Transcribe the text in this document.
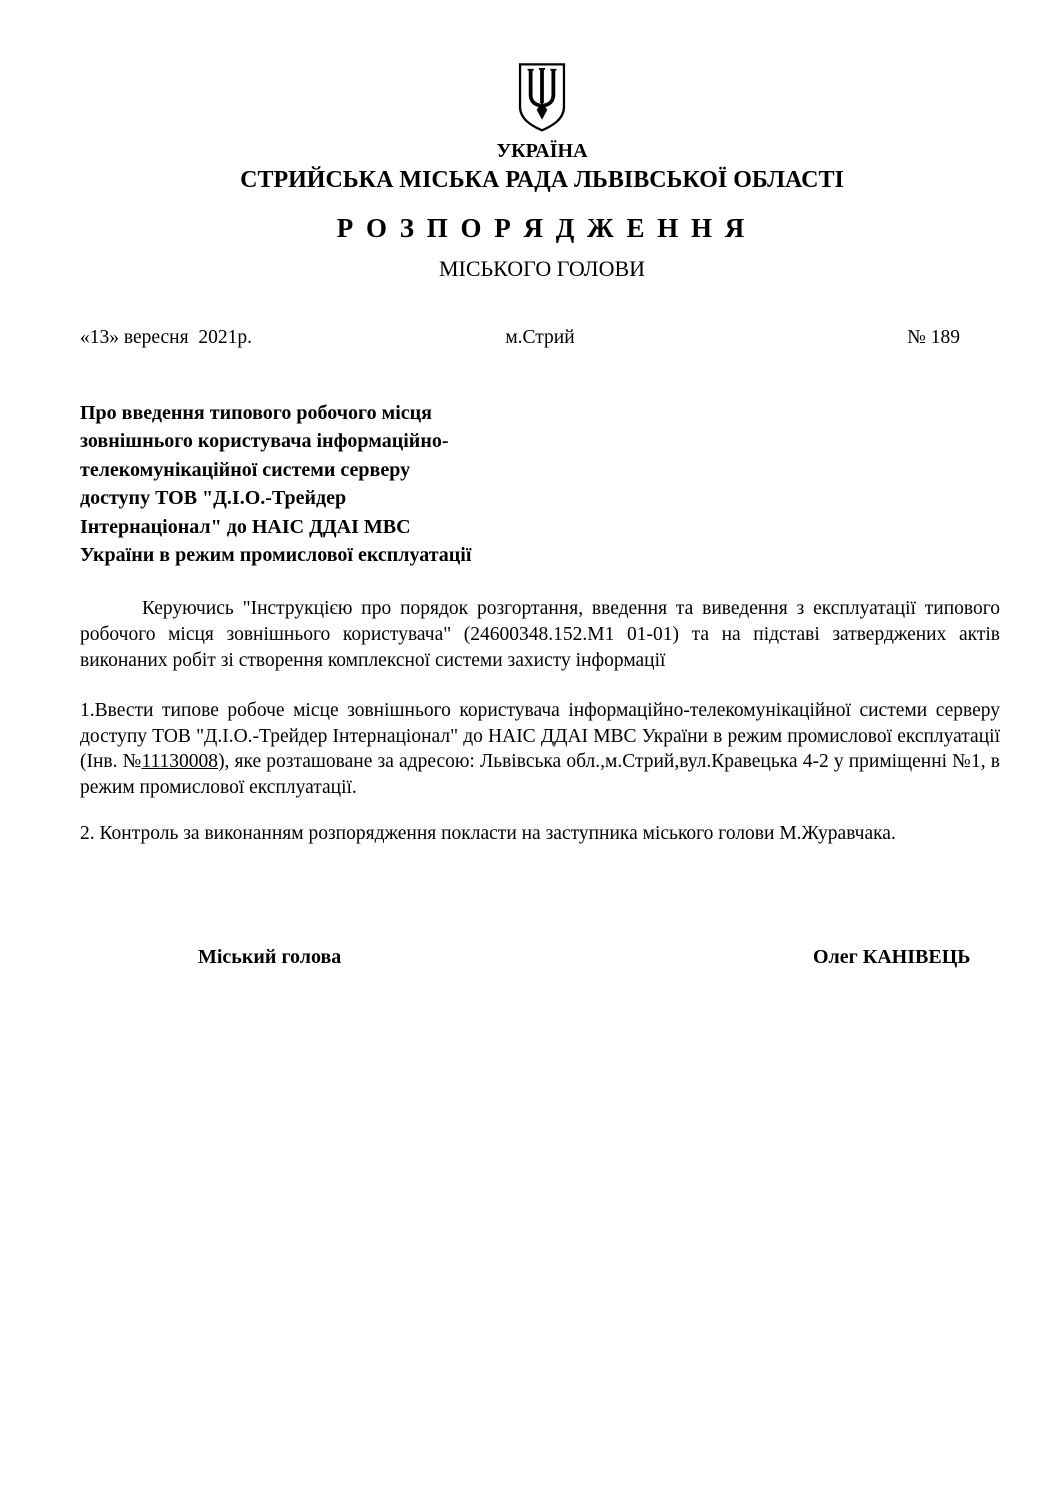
УКРАЇНА
СТРИЙСЬКА МІСЬКА РАДА ЛЬВІВСЬКОЇ ОБЛАСТІ
Р О З П О Р Я Д Ж Е Н Н Я
МІСЬКОГО ГОЛОВИ
«13» вересня  2021р.	м.Стрий	№ 189
Про введення типового робочого місця
зовнішнього користувача інформаційно-
телекомунікаційної системи серверу
доступу ТОВ "Д.І.О.-Трейдер
Інтернаціонал" до НАІС ДДАІ МВС
України в режим промислової експлуатації

Керуючись "Інструкцією про порядок розгортання, введення та виведення з експлуатації типового робочого місця зовнішнього користувача" (24600348.152.М1 01-01) та на підставі затверджених актів виконаних робіт зі створення комплексної системи захисту інформації

1.Ввести типове робоче місце зовнішнього користувача інформаційно-телекомунікаційної системи серверу доступу ТОВ "Д.І.О.-Трейдер Інтернаціонал" до НАІС ДДАІ МВС України в режим промислової експлуатації (Інв. №11130008), яке розташоване за адресою: Львівська обл.,м.Стрий,вул.Кравецька 4-2 у приміщенні №1, в режим промислової експлуатації.

2. Контроль за виконанням розпорядження покласти на заступника міського голови М.Журавчака.

Міський голова	Олег КАНІВЕЦЬ
